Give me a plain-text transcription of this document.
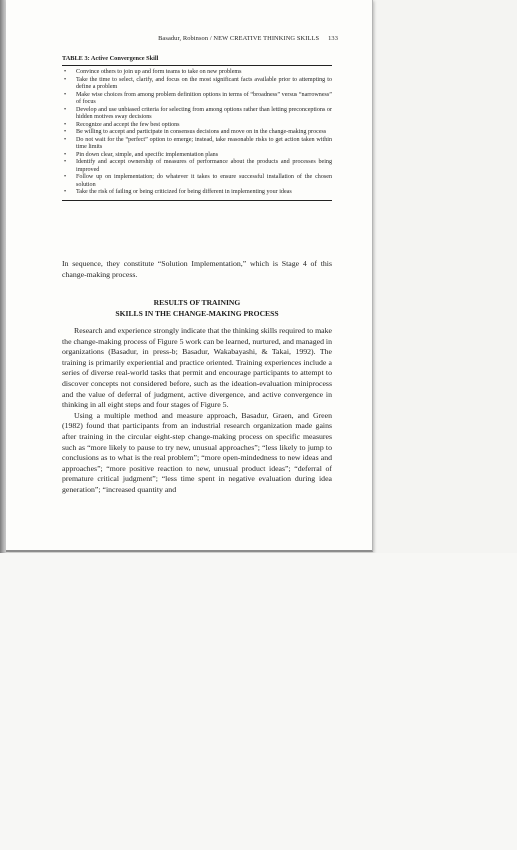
Basadur, Robinson / NEW CREATIVE THINKING SKILLS 133
TABLE 3: Active Convergence Skill
• Convince others to join up and form teams to take on new problems
• Take the time to select, clarify, and focus on the most significant facts available prior to attempting to define a problem
• Make wise choices from among problem definition options in terms of “broadness” versus “narrowness” of focus
• Develop and use unbiased criteria for selecting from among options rather than letting preconceptions or hidden motives sway decisions
• Recognize and accept the few best options
• Be willing to accept and participate in consensus decisions and move on in the change-making process
• Do not wait for the “perfect” option to emerge; instead, take reasonable risks to get action taken within time limits
• Pin down clear, simple, and specific implementation plans
• Identify and accept ownership of measures of performance about the products and processes being improved
• Follow up on implementation; do whatever it takes to ensure successful installation of the chosen solution
• Take the risk of failing or being criticized for being different in implementing your ideas

In sequence, they constitute “Solution Implementation,” which is Stage 4 of this change-making process.

RESULTS OF TRAINING
SKILLS IN THE CHANGE-MAKING PROCESS

Research and experience strongly indicate that the thinking skills required to make the change-making process of Figure 5 work can be learned, nurtured, and managed in organizations (Basadur, in press-b; Basadur, Wakabayashi, & Takai, 1992). The training is primarily experiential and practice oriented. Training experiences include a series of diverse real-world tasks that permit and encourage participants to attempt to discover concepts not considered before, such as the ideation-evaluation miniprocess and the value of deferral of judgment, active divergence, and active convergence in thinking in all eight steps and four stages of Figure 5.

Using a multiple method and measure approach, Basadur, Graen, and Green (1982) found that participants from an industrial research organization made gains after training in the circular eight-step change-making process on specific measures such as “more likely to pause to try new, unusual approaches”; “less likely to jump to conclusions as to what is the real problem”; “more open-mindedness to new ideas and approaches”; “more positive reaction to new, unusual product ideas”; “deferral of premature critical judgment”; “less time spent in negative evaluation during idea generation”; “increased quantity and
